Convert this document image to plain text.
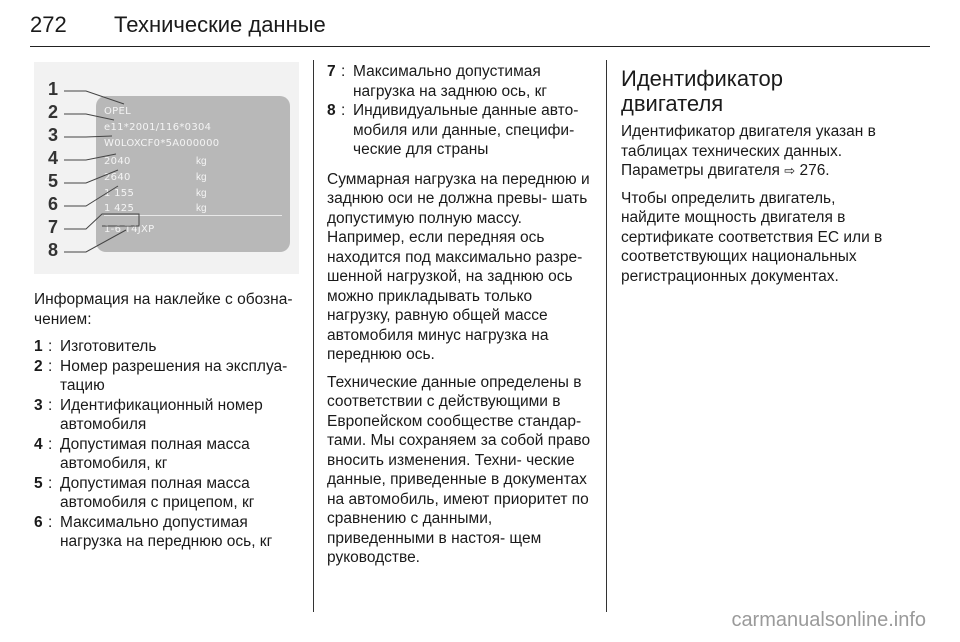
272	Технические данные
OPEL
e11*2001/116*0304
W0LOXCF0*5A000000
2040	kg
2640	kg
1 155	kg
1 425	kg
1-6 T4JXP
1
2
3
4
5
6
7
8

Информация на наклейке с обозна‐ чением:

1 : Изготовитель
2 : Номер разрешения на эксплуа‐ тацию
3 : Идентификационный номер автомобиля
4 : Допустимая полная масса автомобиля, кг
5 : Допустимая полная масса автомобиля с прицепом, кг
6 : Максимально допустимая нагрузка на переднюю ось, кг
7 : Максимально допустимая нагрузка на заднюю ось, кг
8 : Индивидуальные данные авто‐ мобиля или данные, специфи‐ ческие для страны

Суммарная нагрузка на переднюю и заднюю оси не должна превы‐ шать допустимую полную массу. Например, если передняя ось находится под максимально разре‐ шенной нагрузкой, на заднюю ось можно прикладывать только нагрузку, равную общей массе автомобиля минус нагрузка на переднюю ось.

Технические данные определены в соответствии с действующими в Европейском сообществе стандар‐ тами. Мы сохраняем за собой право вносить изменения. Техни‐ ческие данные, приведенные в документах на автомобиль, имеют приоритет по сравнению с данными, приведенными в настоя‐ щем руководстве.

Идентификатор двигателя

Идентификатор двигателя указан в таблицах технических данных. Параметры двигателя ⇨ 276.

Чтобы определить двигатель, найдите мощность двигателя в сертификате соответствия ЕС или в соответствующих национальных регистрационных документах.

carmanualsonline.info
